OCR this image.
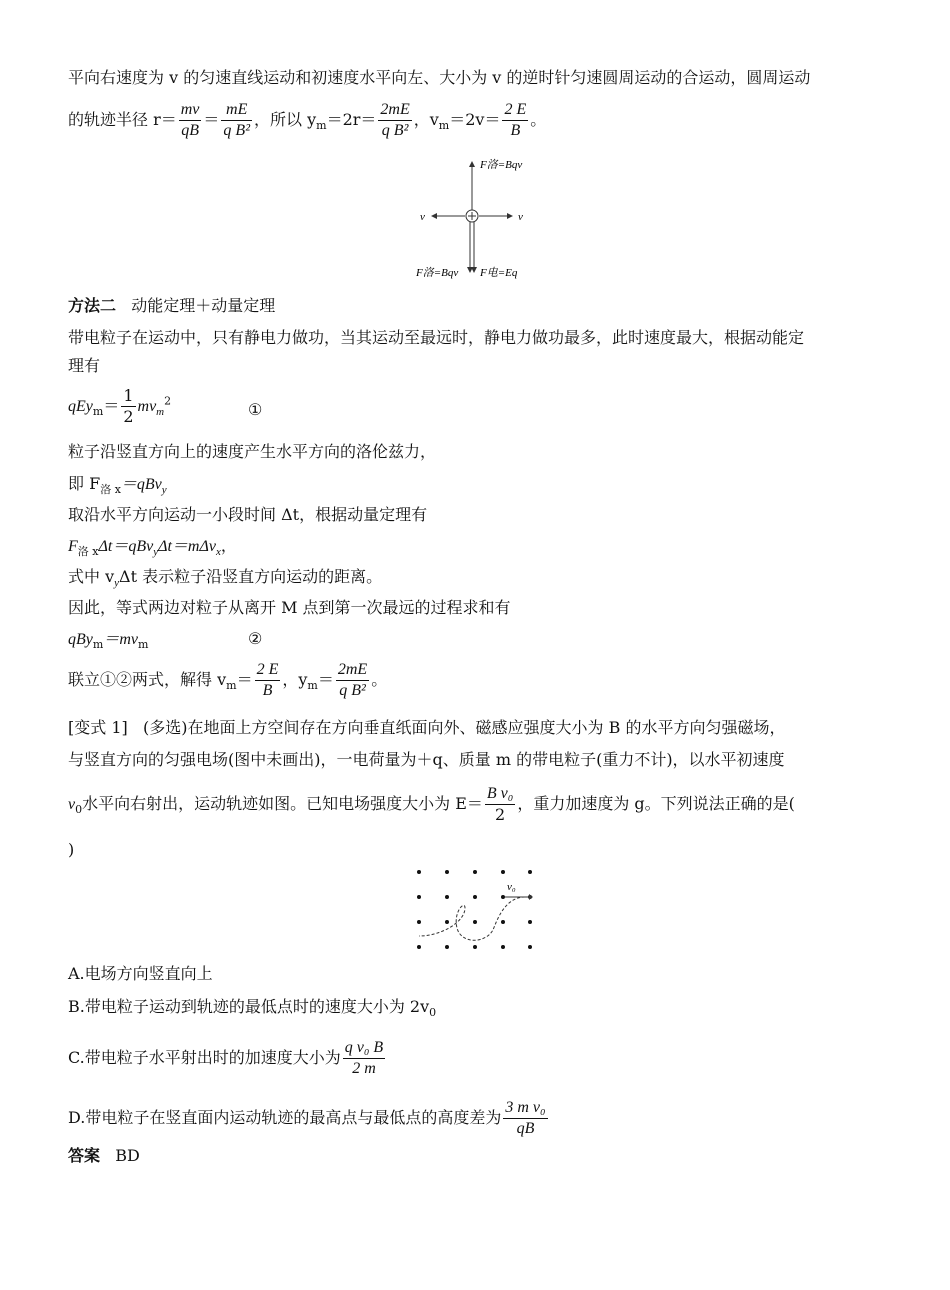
平向右速度为 v 的匀速直线运动和初速度水平向左、大小为 v 的逆时针匀速圆周运动的合运动，圆周运动
的轨迹半径 $r= \frac{mv}{qB} = \frac{mE}{\text{q B²}}$ ，所以 $y_m=2r= \frac{2mE}{\text{q B²}}$ ，$v_m=2v= \frac{2 E}{B}$ 。
F洛=Bqv
v	v
F洛=Bqv F电=Eq
方法二 动能定理＋动量定理
带电粒子在运动中，只有静电力做功，当其运动至最远时，静电力做功最多，此时速度最大，根据动能定
理有
$qEy_m= \frac{1}{2} mv_m^2$	①
粒子沿竖直方向上的速度产生水平方向的洛伦兹力，
即 $F_{洛 x}=qBv_y$
取沿水平方向运动一小段时间 Δt，根据动量定理有
$F_{洛 x}\Delta t=qBv_y\Delta t=m\Delta v_x$，
式中 $v_y\Delta t$ 表示粒子沿竖直方向运动的距离。
因此，等式两边对粒子从离开 M 点到第一次最远的过程求和有
$qBy_m=mv_m$	②
联立①②两式，解得 $v_m= \frac{2 E}{B}$ ，$y_m= \frac{2mE}{\text{q B²}}$ 。
[变式 1] (多选)在地面上方空间存在方向垂直纸面向外、磁感应强度大小为 B 的水平方向匀强磁场，
与竖直方向的匀强电场(图中未画出)，一电荷量为＋q、质量 m 的带电粒子(重力不计)，以水平初速度
$v_0$水平向右射出，运动轨迹如图。已知电场强度大小为 $E= \frac{\text{B v₀}}{2}$ ，重力加速度为 g。下列说法正确的是(
)
v₀
A.电场方向竖直向上
B.带电粒子运动到轨迹的最低点时的速度大小为 $2v_0$
C.带电粒子水平射出时的加速度大小为 $\frac{\text{q v₀ B}}{2 m}$
D.带电粒子在竖直面内运动轨迹的最高点与最低点的高度差为 $\frac{\text{3 m v₀}}{qB}$
答案 BD
